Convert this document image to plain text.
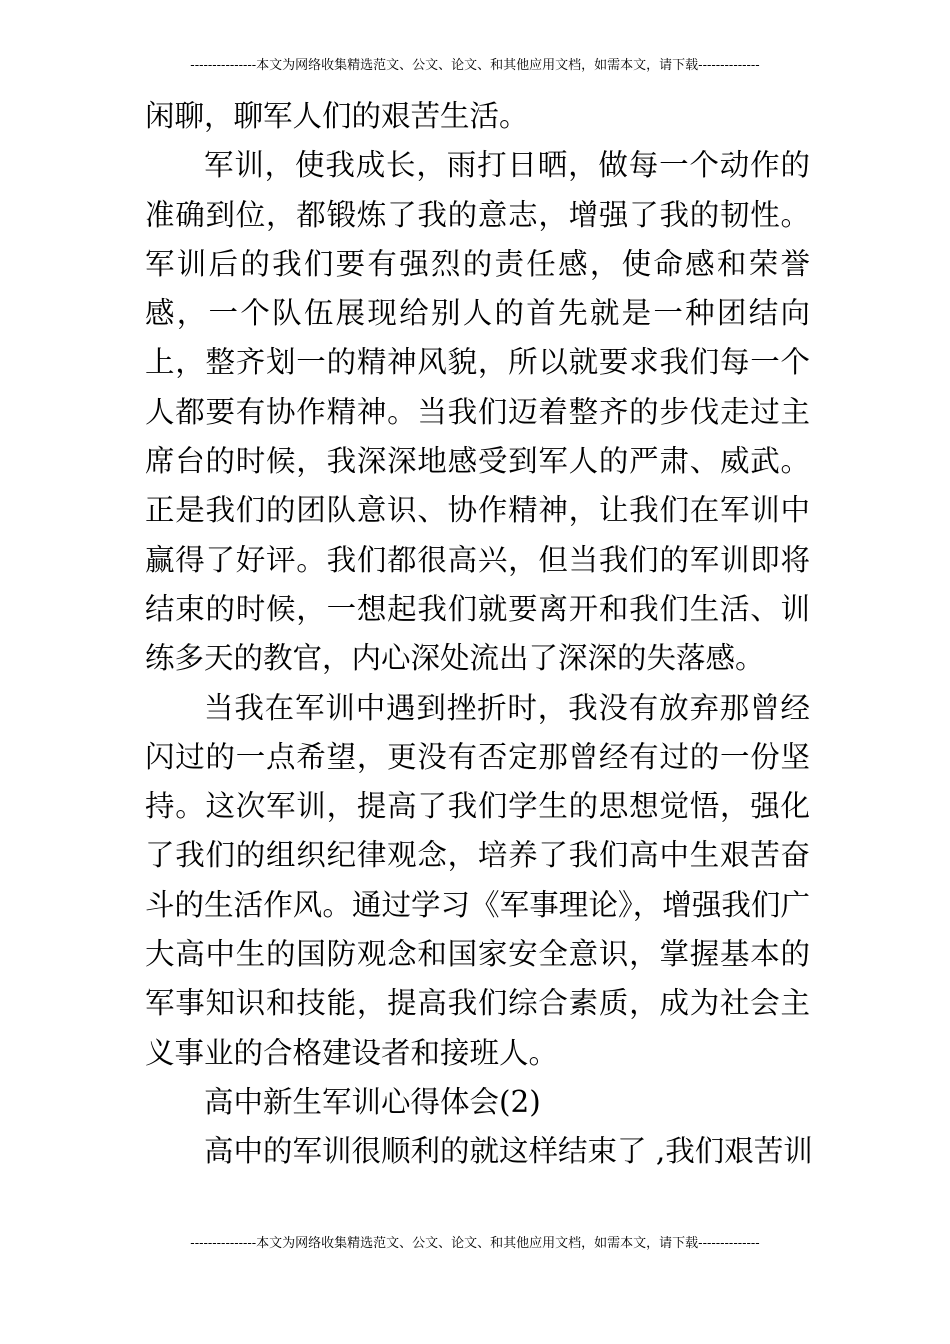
---------------本文为网络收集精选范文、公文、论文、和其他应用文档，如需本文，请下载--------------

闲聊，聊军人们的艰苦生活。

军训，使我成长，雨打日晒，做每一个动作的准确到位，都锻炼了我的意志，增强了我的韧性。军训后的我们要有强烈的责任感，使命感和荣誉感，一个队伍展现给别人的首先就是一种团结向上，整齐划一的精神风貌，所以就要求我们每一个人都要有协作精神。当我们迈着整齐的步伐走过主席台的时候，我深深地感受到军人的严肃、威武。正是我们的团队意识、协作精神，让我们在军训中赢得了好评。我们都很高兴，但当我们的军训即将结束的时候，一想起我们就要离开和我们生活、训练多天的教官，内心深处流出了深深的失落感。

当我在军训中遇到挫折时，我没有放弃那曾经闪过的一点希望，更没有否定那曾经有过的一份坚持。这次军训，提高了我们学生的思想觉悟，强化了我们的组织纪律观念，培养了我们高中生艰苦奋斗的生活作风。通过学习《军事理论》，增强我们广大高中生的国防观念和国家安全意识，掌握基本的军事知识和技能，提高我们综合素质，成为社会主义事业的合格建设者和接班人。

高中新生军训心得体会(2)

高中的军训很顺利的就这样结束了 ,我们艰苦训

---------------本文为网络收集精选范文、公文、论文、和其他应用文档，如需本文，请下载--------------
